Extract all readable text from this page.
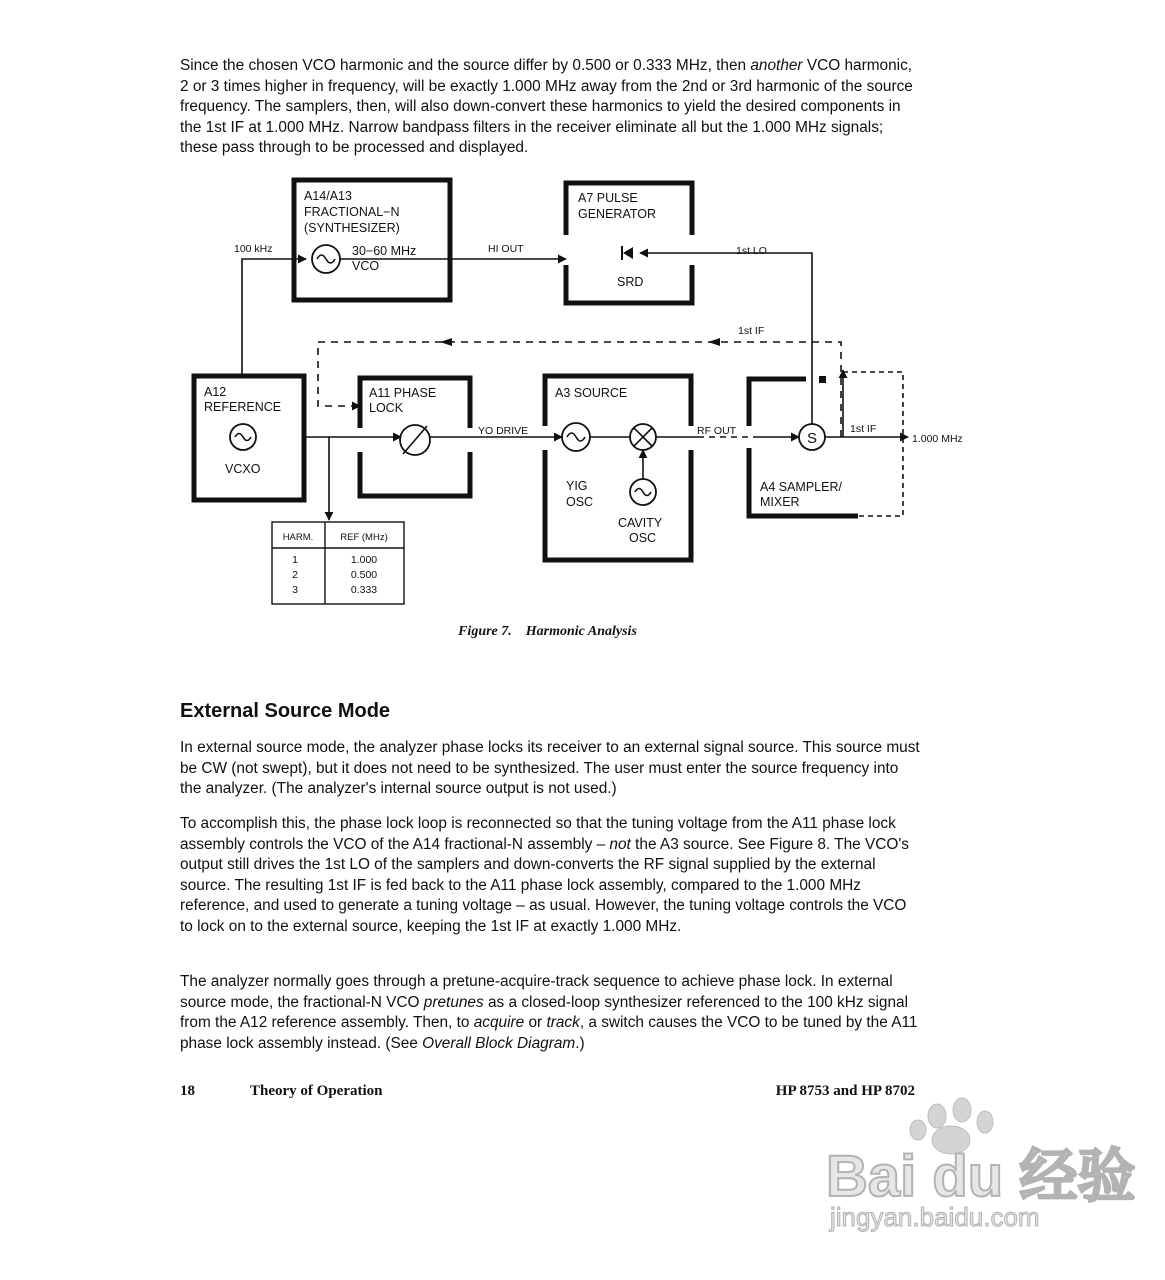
Since the chosen VCO harmonic and the source differ by 0.500 or 0.333 MHz, then another VCO harmonic, 2 or 3 times higher in frequency, will be exactly 1.000 MHz away from the 2nd or 3rd harmonic of the source frequency. The samplers, then, will also down-convert these harmonics to yield the desired components in the 1st IF at 1.000 MHz. Narrow bandpass filters in the receiver eliminate all but the 1.000 MHz signals; these pass through to be processed and displayed.

A14/A13
FRACTIONAL−N
(SYNTHESIZER)
30−60 MHz
VCO
A7 PULSE
GENERATOR
SRD
A12
REFERENCE
VCXO
A11 PHASE
LOCK
A3 SOURCE
YIG
OSC
CAVITY
OSC
A4 SAMPLER/
MIXER
S
100 kHz	HI OUT	1st LO
1st IF
YO DRIVE	RF OUT	1st IF
1.000 MHz
HARM.	REF (MHz)
1	1.000
2	0.500
3	0.333
Figure 7. Harmonic Analysis
External Source Mode

In external source mode, the analyzer phase locks its receiver to an external signal source. This source must be CW (not swept), but it does not need to be synthesized. The user must enter the source frequency into the analyzer. (The analyzer's internal source output is not used.)

To accomplish this, the phase lock loop is reconnected so that the tuning voltage from the A11 phase lock assembly controls the VCO of the A14 fractional-N assembly – not the A3 source. See Figure 8. The VCO's output still drives the 1st LO of the samplers and down-converts the RF signal supplied by the external source. The resulting 1st IF is fed back to the A11 phase lock assembly, compared to the 1.000 MHz reference, and used to generate a tuning voltage – as usual. However, the tuning voltage controls the VCO to lock on to the external source, keeping the 1st IF at exactly 1.000 MHz.

The analyzer normally goes through a pretune-acquire-track sequence to achieve phase lock. In external source mode, the fractional-N VCO pretunes as a closed-loop synthesizer referenced to the 100 kHz signal from the A12 reference assembly. Then, to acquire or track, a switch causes the VCO to be tuned by the A11 phase lock assembly instead. (See Overall Block Diagram.)

18	Theory of Operation	HP 8753 and HP 8702
Bai du 经验
jingyan.baidu.com
